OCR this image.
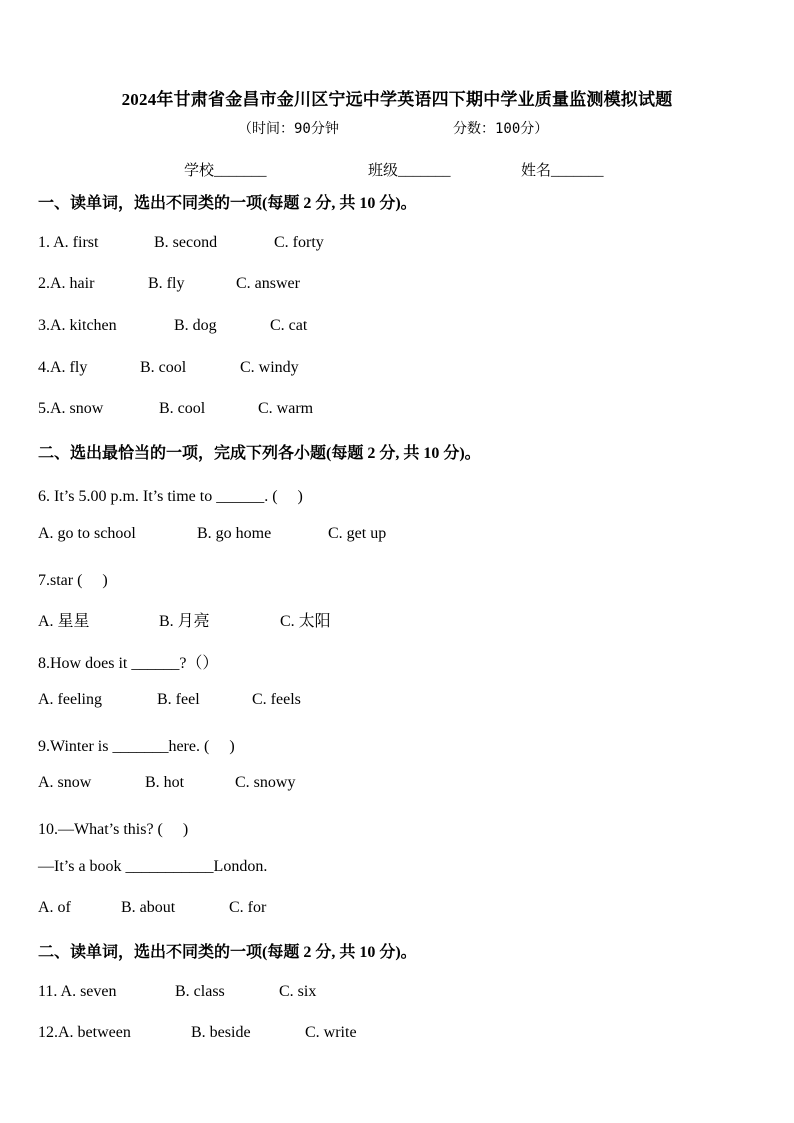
2024年甘肃省金昌市金川区宁远中学英语四下期中学业质量监测模拟试题
（时间：90分钟	分数：100分）
学校_______	班级_______	姓名_______
一、读单词，选出不同类的一项(每题 2 分, 共 10 分)。
1. A. first	B. second	C. forty
2.A. hair	B. fly	C. answer
3.A. kitchen	B. dog	C. cat
4.A. fly	B. cool	C. windy
5.A. snow	B. cool	C. warm
二、选出最恰当的一项，完成下列各小题(每题 2 分, 共 10 分)。
6. It’s 5.00 p.m. It’s time to ______. (　 )
A. go to school	B. go home	C. get up
7.star (　 )
A. 星星	B. 月亮	C. 太阳
8.How does it ______?（）
A. feeling	B. feel	C. feels
9.Winter is _______here. (　 )
A. snow	B. hot	C. snowy
10.—What’s this? (　 )
—It’s a book ___________London.
A. of	B. about	C. for
二、读单词，选出不同类的一项(每题 2 分, 共 10 分)。
11. A. seven	B. class	C. six
12.A. between	B. beside	C. write
